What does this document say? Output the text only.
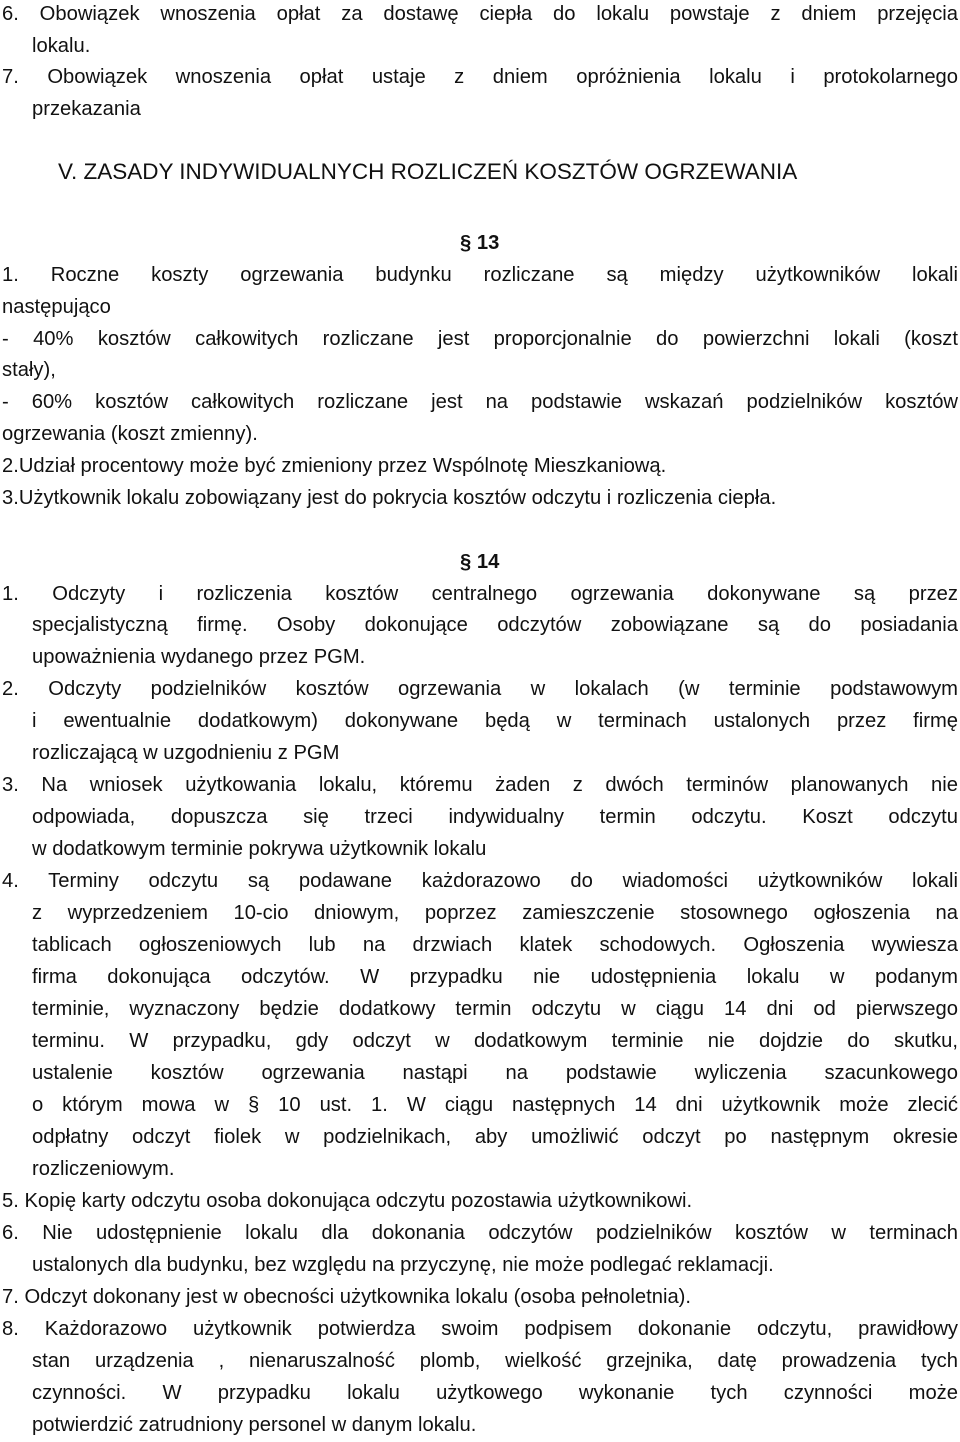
6. Obowiązek wnoszenia opłat za dostawę ciepła do lokalu powstaje z dniem przejęcia
lokalu.
7. Obowiązek wnoszenia opłat ustaje z dniem opróżnienia lokalu i protokolarnego
przekazania
V. ZASADY INDYWIDUALNYCH ROZLICZEŃ KOSZTÓW OGRZEWANIA
§ 13
1. Roczne koszty ogrzewania budynku rozliczane są między użytkowników lokali
następująco
- 40% kosztów całkowitych rozliczane jest proporcjonalnie do powierzchni lokali (koszt
stały),
- 60% kosztów całkowitych rozliczane jest na podstawie wskazań podzielników kosztów
ogrzewania (koszt zmienny).
2.Udział procentowy może być zmieniony przez Wspólnotę Mieszkaniową.
3.Użytkownik lokalu zobowiązany jest do pokrycia kosztów odczytu i rozliczenia ciepła.
§ 14
1. Odczyty i rozliczenia kosztów centralnego ogrzewania dokonywane są przez
specjalistyczną firmę. Osoby dokonujące odczytów zobowiązane są do posiadania
upoważnienia wydanego przez PGM.
2. Odczyty podzielników kosztów ogrzewania w lokalach (w terminie podstawowym
i ewentualnie dodatkowym) dokonywane będą w terminach ustalonych przez firmę
rozliczającą w uzgodnieniu z PGM
3. Na wniosek użytkowania lokalu, któremu żaden z dwóch terminów planowanych nie
odpowiada, dopuszcza się trzeci indywidualny termin odczytu. Koszt odczytu
w dodatkowym terminie pokrywa użytkownik lokalu
4. Terminy odczytu są podawane każdorazowo do wiadomości użytkowników lokali
z wyprzedzeniem 10-cio dniowym, poprzez zamieszczenie stosownego ogłoszenia na
tablicach ogłoszeniowych lub na drzwiach klatek schodowych. Ogłoszenia wywiesza
firma dokonująca odczytów. W przypadku nie udostępnienia lokalu w podanym
terminie, wyznaczony będzie dodatkowy termin odczytu w ciągu 14 dni od pierwszego
terminu. W przypadku, gdy odczyt w dodatkowym terminie nie dojdzie do skutku,
ustalenie kosztów ogrzewania nastąpi na podstawie wyliczenia szacunkowego
o którym mowa w § 10 ust. 1. W ciągu następnych 14 dni użytkownik może zlecić
odpłatny odczyt fiolek w podzielnikach, aby umożliwić odczyt po następnym okresie
rozliczeniowym.
5. Kopię karty odczytu osoba dokonująca odczytu pozostawia użytkownikowi.
6. Nie udostępnienie lokalu dla dokonania odczytów podzielników kosztów w terminach
ustalonych dla budynku, bez względu na przyczynę, nie może podlegać reklamacji.
7. Odczyt dokonany jest w obecności użytkownika lokalu (osoba pełnoletnia).
8. Każdorazowo użytkownik potwierdza swoim podpisem dokonanie odczytu, prawidłowy
stan urządzenia , nienaruszalność plomb, wielkość grzejnika, datę prowadzenia tych
czynności. W przypadku lokalu użytkowego wykonanie tych czynności może
potwierdzić zatrudniony personel w danym lokalu.
